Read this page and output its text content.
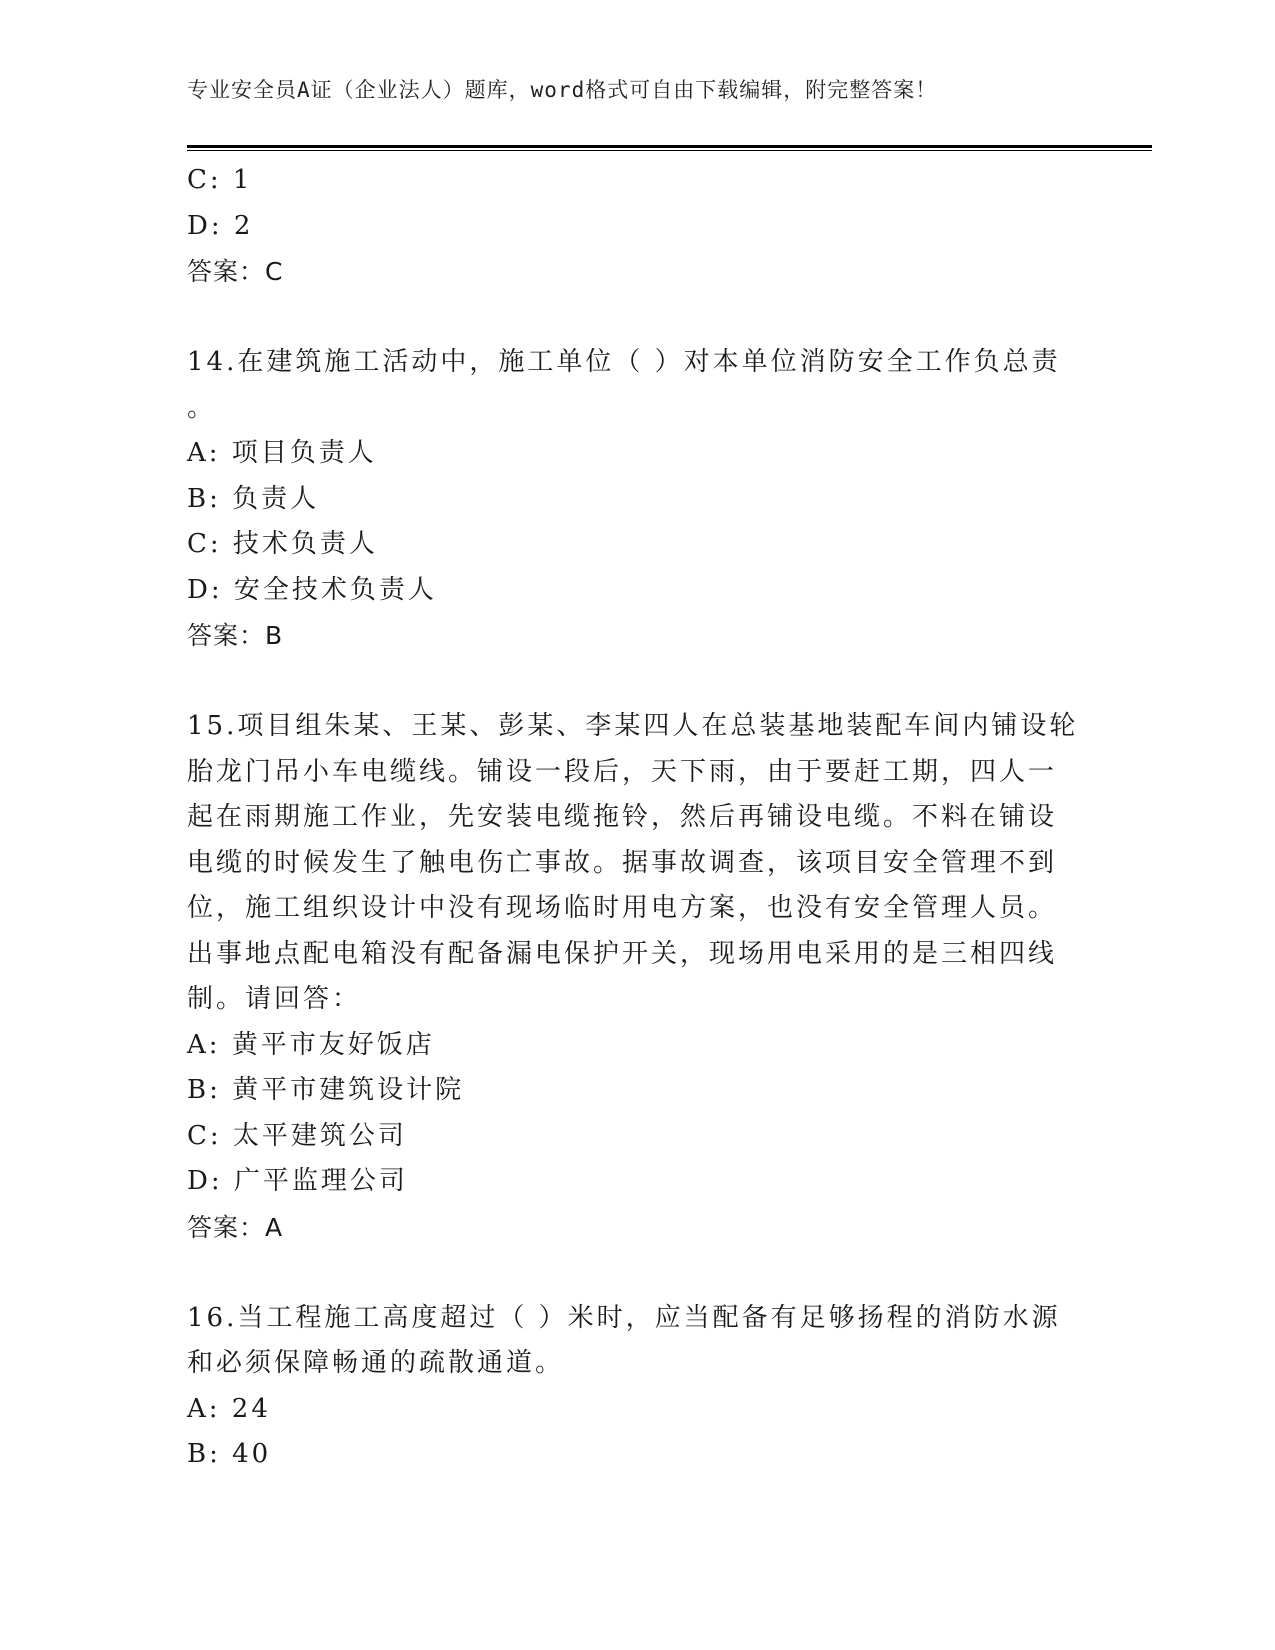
专业安全员A证（企业法人）题库，word格式可自由下载编辑，附完整答案！
C: 1
D: 2
答案：C
14.在建筑施工活动中，施工单位（ ）对本单位消防安全工作负总责
。
A: 项目负责人
B: 负责人
C: 技术负责人
D: 安全技术负责人
答案：B
15.项目组朱某、王某、彭某、李某四人在总装基地装配车间内铺设轮
胎龙门吊小车电缆线。铺设一段后，天下雨，由于要赶工期，四人一
起在雨期施工作业，先安装电缆拖铃，然后再铺设电缆。不料在铺设
电缆的时候发生了触电伤亡事故。据事故调查，该项目安全管理不到
位，施工组织设计中没有现场临时用电方案，也没有安全管理人员。
出事地点配电箱没有配备漏电保护开关，现场用电采用的是三相四线
制。请回答：
A: 黄平市友好饭店
B: 黄平市建筑设计院
C: 太平建筑公司
D: 广平监理公司
答案：A
16.当工程施工高度超过（ ）米时，应当配备有足够扬程的消防水源
和必须保障畅通的疏散通道。
A: 24
B: 40
